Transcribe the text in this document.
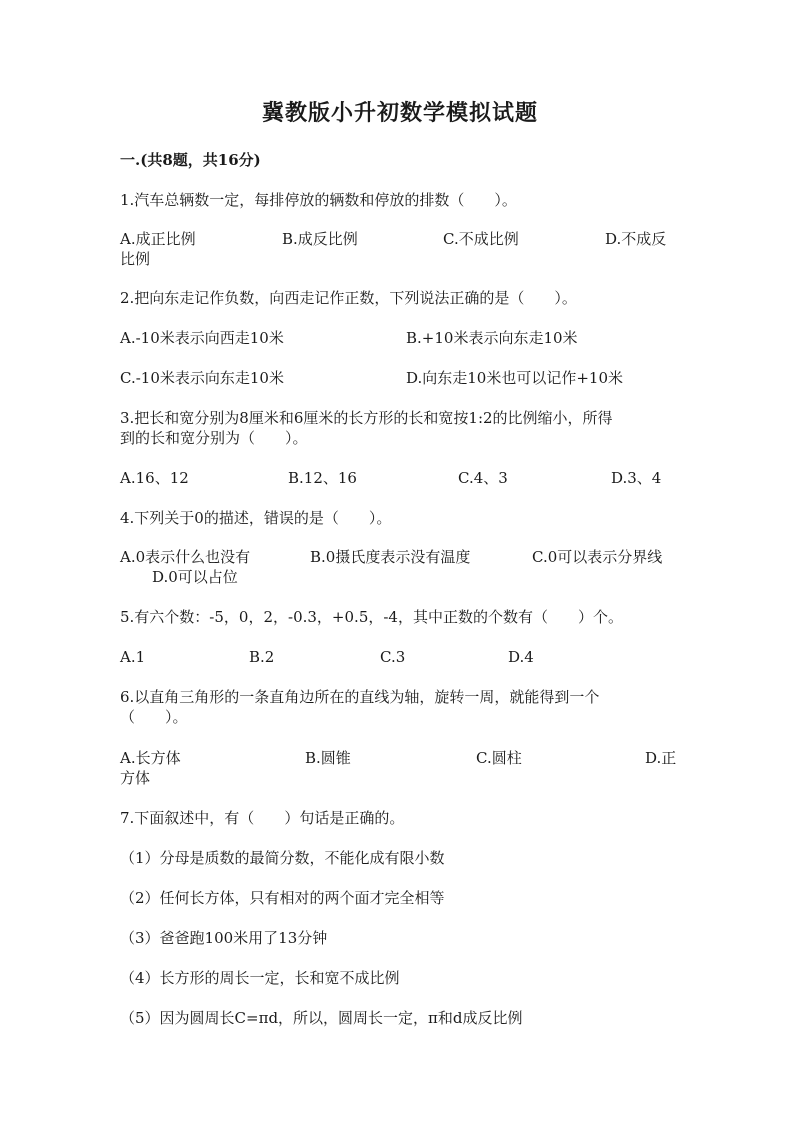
冀教版小升初数学模拟试题
一.(共8题，共16分)
1.汽车总辆数一定，每排停放的辆数和停放的排数（　　）。
A.成正比例	B.成反比例	C.不成比例	D.不成反
比例
2.把向东走记作负数，向西走记作正数，下列说法正确的是（　　）。
A.-10米表示向西走10米	B.+10米表示向东走10米
C.-10米表示向东走10米	D.向东走10米也可以记作+10米
3.把长和宽分别为8厘米和6厘米的长方形的长和宽按1:2的比例缩小，所得
到的长和宽分别为（　　）。
A.16、12	B.12、16	C.4、3	D.3、4
4.下列关于0的描述，错误的是（　　）。
A.0表示什么也没有	B.0摄氏度表示没有温度	C.0可以表示分界线
D.0可以占位
5.有六个数：-5，0，2，-0.3，+0.5，-4，其中正数的个数有（　　）个。
A.1	B.2	C.3	D.4
6.以直角三角形的一条直角边所在的直线为轴，旋转一周，就能得到一个
（　　）。
A.长方体	B.圆锥	C.圆柱	D.正
方体
7.下面叙述中，有（　　）句话是正确的。
（1）分母是质数的最简分数，不能化成有限小数
（2）任何长方体，只有相对的两个面才完全相等
（3）爸爸跑100米用了13分钟
（4）长方形的周长一定，长和宽不成比例
（5）因为圆周长C=πd，所以，圆周长一定，π和d成反比例
